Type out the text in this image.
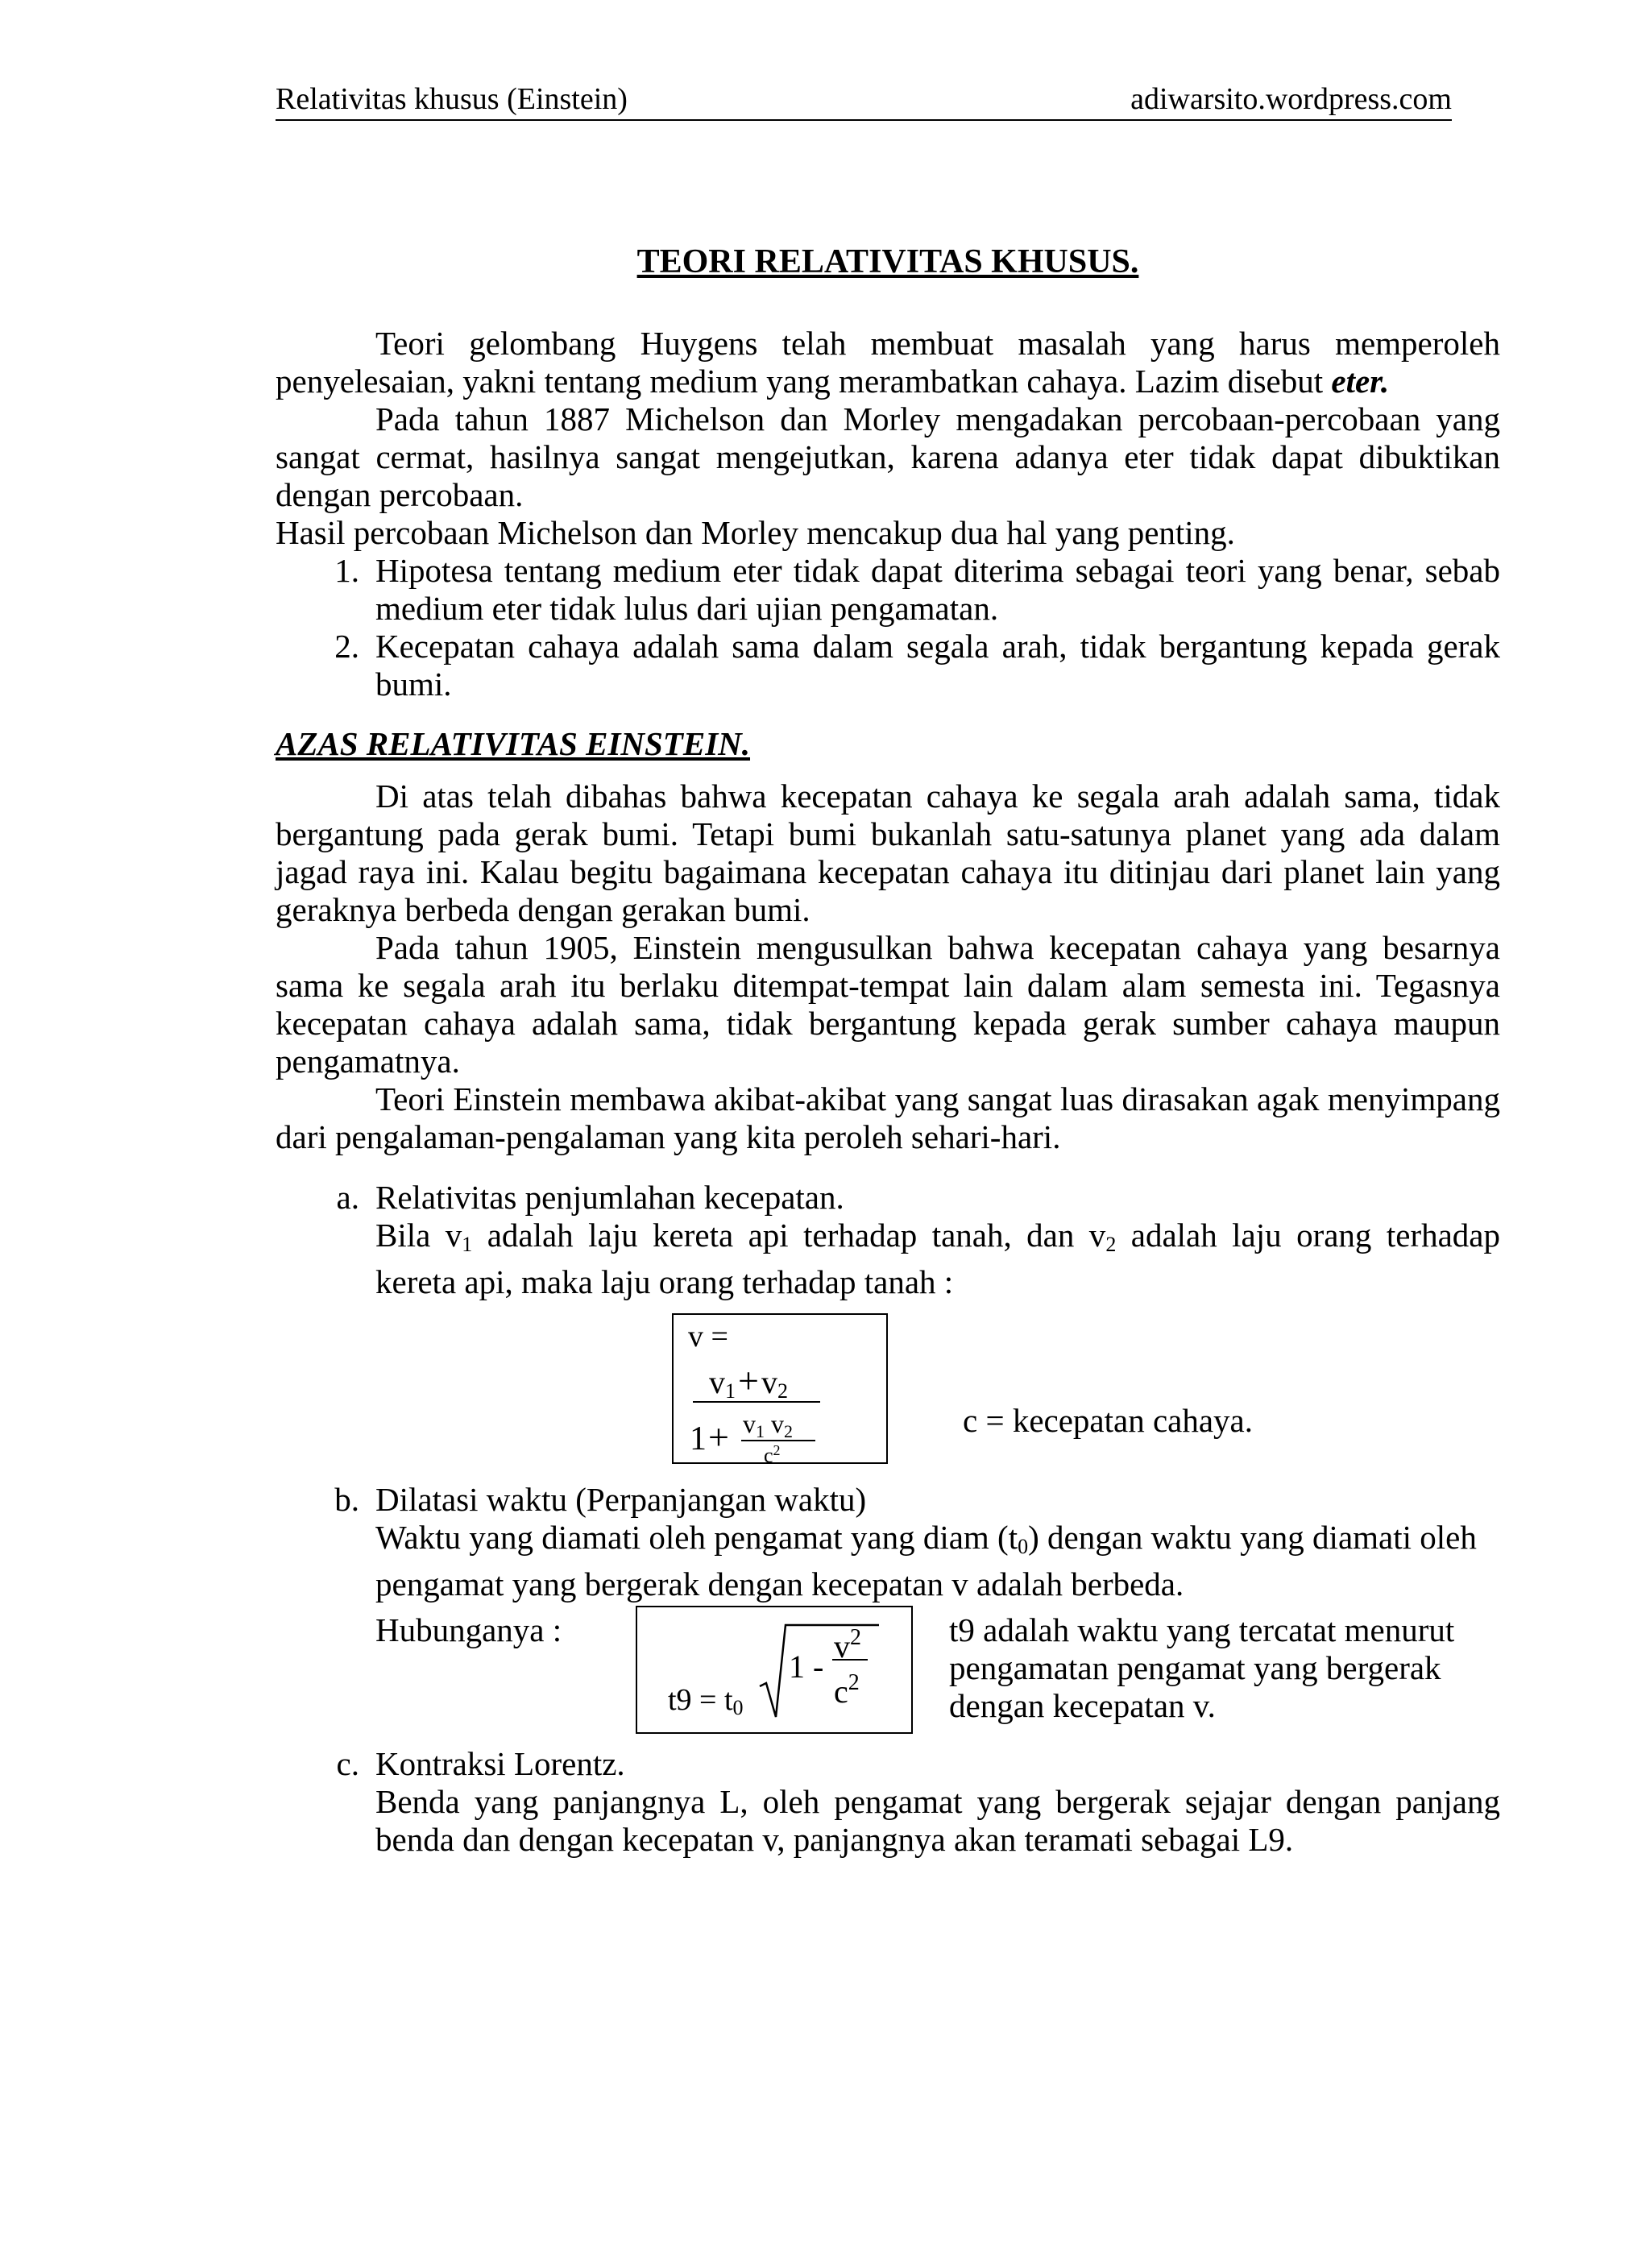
Relativitas khusus (Einstein)	adiwarsito.wordpress.com
TEORI RELATIVITAS KHUSUS.

Teori gelombang Huygens telah membuat masalah yang harus memperoleh penyelesaian, yakni tentang medium yang merambatkan cahaya. Lazim disebut eter.

Pada tahun 1887 Michelson dan Morley mengadakan percobaan-percobaan yang sangat cermat, hasilnya sangat mengejutkan, karena adanya eter tidak dapat dibuktikan dengan percobaan.

Hasil percobaan Michelson dan Morley mencakup dua hal yang penting.

1. Hipotesa tentang medium eter tidak dapat diterima sebagai teori yang benar, sebab medium eter tidak lulus dari ujian pengamatan.
2. Kecepatan cahaya adalah sama dalam segala arah, tidak bergantung kepada gerak bumi.
AZAS RELATIVITAS EINSTEIN.

Di atas telah dibahas bahwa kecepatan cahaya ke segala arah adalah sama, tidak bergantung pada gerak bumi. Tetapi bumi bukanlah satu-satunya planet yang ada dalam jagad raya ini. Kalau begitu bagaimana kecepatan cahaya itu ditinjau dari planet lain yang geraknya berbeda dengan gerakan bumi.

Pada tahun 1905, Einstein mengusulkan bahwa kecepatan cahaya yang besarnya sama ke segala arah itu berlaku ditempat-tempat lain dalam alam semesta ini. Tegasnya kecepatan cahaya adalah sama, tidak bergantung kepada gerak sumber cahaya maupun pengamatnya.

Teori Einstein membawa akibat-akibat yang sangat luas dirasakan agak menyimpang dari pengalaman-pengalaman yang kita peroleh sehari-hari.

a. Relativitas penjumlahan kecepatan.
Bila $v_1$ adalah laju kereta api terhadap tanah, dan $v_2$ adalah laju orang terhadap kereta api, maka laju orang terhadap tanah :
v =
$v_1+v_2$
$1+ v_1$ $v_2$
$c^2$
c = kecepatan cahaya.
b. Dilatasi waktu (Perpanjangan waktu)
Waktu yang diamati oleh pengamat yang diam $(t_0)$ dengan waktu yang diamati oleh pengamat yang bergerak dengan kecepatan v adalah berbeda.
Hubunganya :
$t9 = t_0$
1 -
$v^2$
$c^2$
t9 adalah waktu yang tercatat menurut pengamatan pengamat yang bergerak dengan kecepatan v.
c. Kontraksi Lorentz.
Benda yang panjangnya L, oleh pengamat yang bergerak sejajar dengan panjang benda dan dengan kecepatan v, panjangnya akan teramati sebagai L9.
